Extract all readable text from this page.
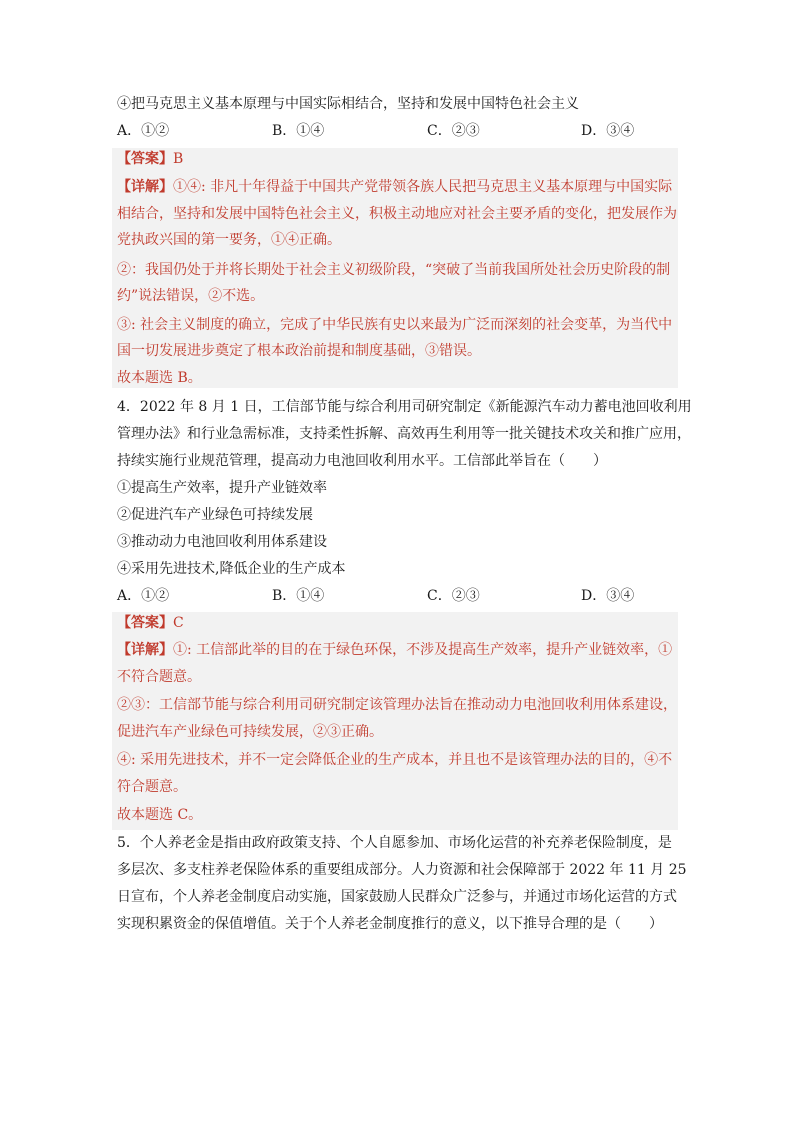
④把马克思主义基本原理与中国实际相结合，坚持和发展中国特色社会主义
A．①②	B．①④	C．②③	D．③④
【答案】B
【详解】①④: 非凡十年得益于中国共产党带领各族人民把马克思主义基本原理与中国实际
相结合，坚持和发展中国特色社会主义，积极主动地应对社会主要矛盾的变化，把发展作为
党执政兴国的第一要务，①④正确。
②：我国仍处于并将长期处于社会主义初级阶段，“突破了当前我国所处社会历史阶段的制
约”说法错误，②不选。
③: 社会主义制度的确立，完成了中华民族有史以来最为广泛而深刻的社会变革，为当代中
国一切发展进步奠定了根本政治前提和制度基础，③错误。
故本题选 B。
4．2022 年 8 月 1 日，工信部节能与综合利用司研究制定《新能源汽车动力蓄电池回收利用
管理办法》和行业急需标准，支持柔性拆解、高效再生利用等一批关键技术攻关和推广应用，
持续实施行业规范管理，提高动力电池回收利用水平。工信部此举旨在（　　）
①提高生产效率，提升产业链效率
②促进汽车产业绿色可持续发展
③推动动力电池回收利用体系建设
④采用先进技术,降低企业的生产成本
A．①②	B．①④	C．②③	D．③④
【答案】C
【详解】①: 工信部此举的目的在于绿色环保，不涉及提高生产效率，提升产业链效率，①
不符合题意。
②③：工信部节能与综合利用司研究制定该管理办法旨在推动动力电池回收利用体系建设，
促进汽车产业绿色可持续发展，②③正确。
④: 采用先进技术，并不一定会降低企业的生产成本，并且也不是该管理办法的目的，④不
符合题意。
故本题选 C。
5．个人养老金是指由政府政策支持、个人自愿参加、市场化运营的补充养老保险制度，是
多层次、多支柱养老保险体系的重要组成部分。人力资源和社会保障部于 2022 年 11 月 25
日宣布，个人养老金制度启动实施，国家鼓励人民群众广泛参与，并通过市场化运营的方式
实现积累资金的保值增值。关于个人养老金制度推行的意义，以下推导合理的是（　　）
